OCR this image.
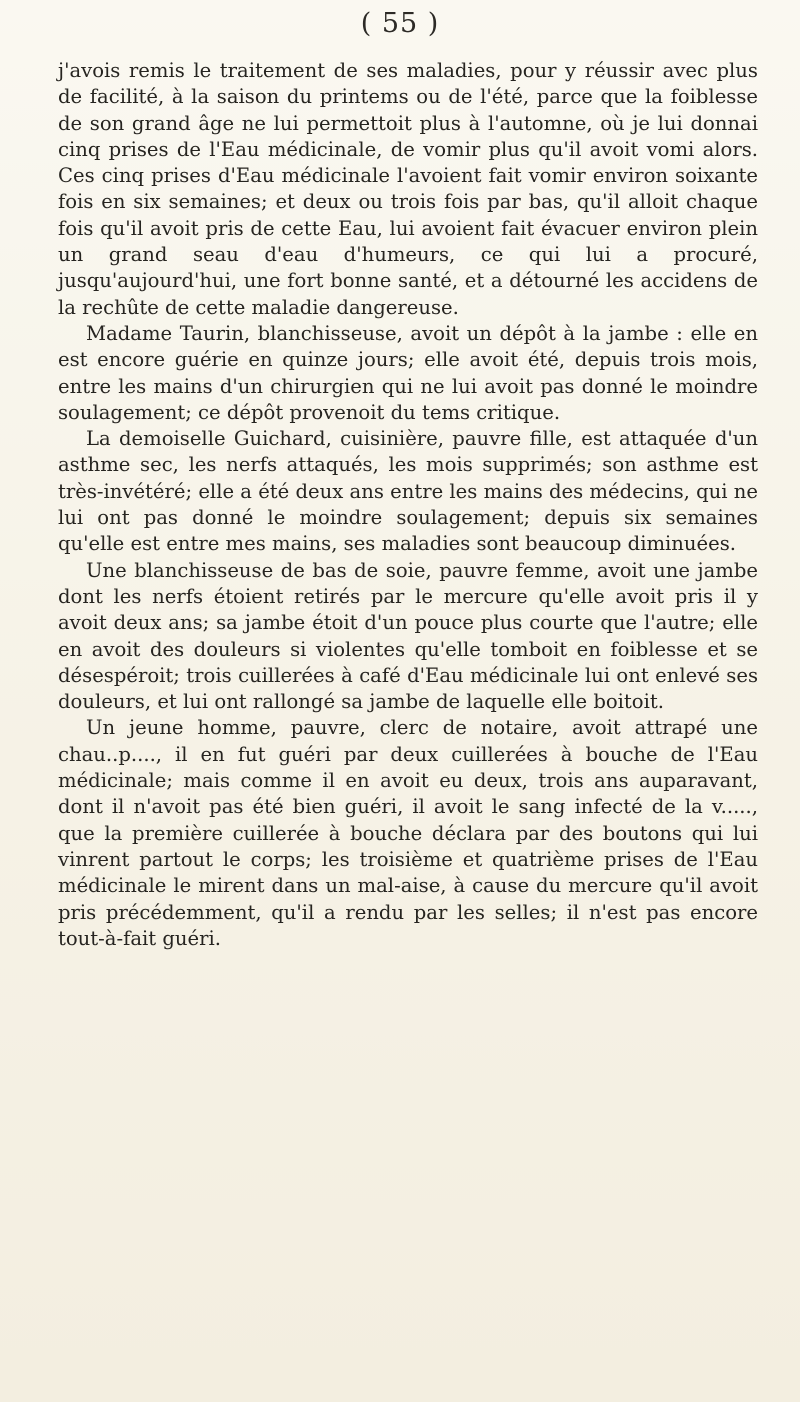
( 55 )

j'avois remis le traitement de ses maladies, pour y réussir avec plus de facilité, à la saison du printems ou de l'été, parce que la foiblesse de son grand âge ne lui permettoit plus à l'automne, où je lui donnai cinq prises de l'Eau médicinale, de vomir plus qu'il avoit vomi alors. Ces cinq prises d'Eau médicinale l'avoient fait vomir environ soixante fois en six semaines; et deux ou trois fois par bas, qu'il alloit chaque fois qu'il avoit pris de cette Eau, lui avoient fait évacuer environ plein un grand seau d'eau d'humeurs, ce qui lui a procuré, jusqu'aujourd'hui, une fort bonne santé, et a détourné les accidens de la rechûte de cette maladie dangereuse.

Madame Taurin, blanchisseuse, avoit un dépôt à la jambe : elle en est encore guérie en quinze jours; elle avoit été, depuis trois mois, entre les mains d'un chirurgien qui ne lui avoit pas donné le moindre soulagement; ce dépôt provenoit du tems critique.

La demoiselle Guichard, cuisinière, pauvre fille, est attaquée d'un asthme sec, les nerfs attaqués, les mois supprimés; son asthme est très-invétéré; elle a été deux ans entre les mains des médecins, qui ne lui ont pas donné le moindre soulagement; depuis six semaines qu'elle est entre mes mains, ses maladies sont beaucoup diminuées.

Une blanchisseuse de bas de soie, pauvre femme, avoit une jambe dont les nerfs étoient retirés par le mercure qu'elle avoit pris il y avoit deux ans; sa jambe étoit d'un pouce plus courte que l'autre; elle en avoit des douleurs si violentes qu'elle tomboit en foiblesse et se désespéroit; trois cuillerées à café d'Eau médicinale lui ont enlevé ses douleurs, et lui ont rallongé sa jambe de laquelle elle boitoit.

Un jeune homme, pauvre, clerc de notaire, avoit attrapé une chau..p...., il en fut guéri par deux cuillerées à bouche de l'Eau médicinale; mais comme il en avoit eu deux, trois ans auparavant, dont il n'avoit pas été bien guéri, il avoit le sang infecté de la v....., que la première cuillerée à bouche déclara par des boutons qui lui vinrent partout le corps; les troisième et quatrième prises de l'Eau médicinale le mirent dans un mal-aise, à cause du mercure qu'il avoit pris précédemment, qu'il a rendu par les selles; il n'est pas encore tout-à-fait guéri.
